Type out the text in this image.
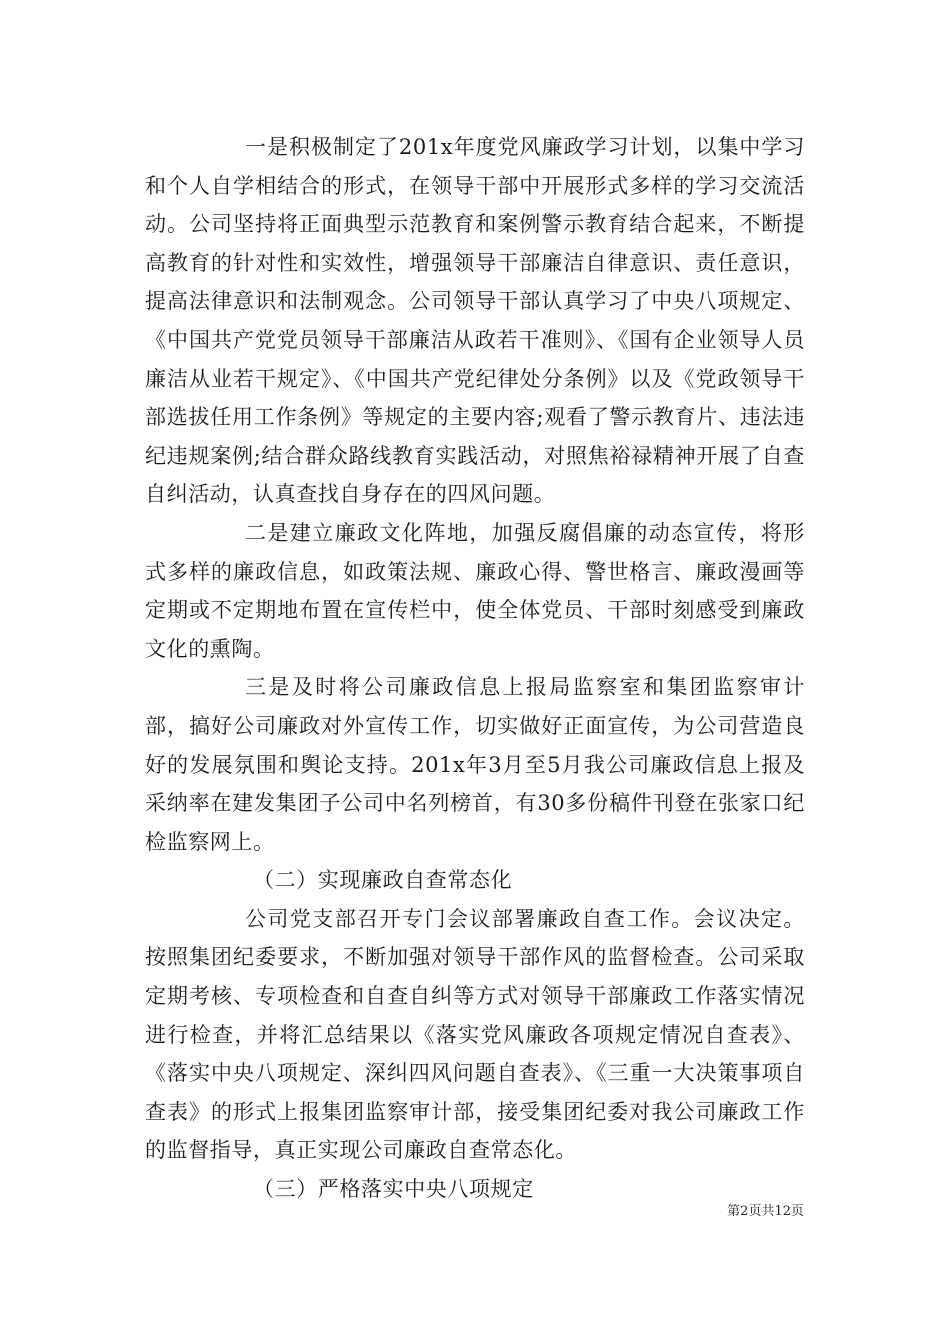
一是积极制定了201x年度党风廉政学习计划，以集中学习和个人自学相结合的形式，在领导干部中开展形式多样的学习交流活动。公司坚持将正面典型示范教育和案例警示教育结合起来，不断提高教育的针对性和实效性，增强领导干部廉洁自律意识、责任意识，提高法律意识和法制观念。公司领导干部认真学习了中央八项规定、《中国共产党党员领导干部廉洁从政若干准则》、《国有企业领导人员廉洁从业若干规定》、《中国共产党纪律处分条例》以及《党政领导干部选拔任用工作条例》等规定的主要内容;观看了警示教育片、违法违纪违规案例;结合群众路线教育实践活动，对照焦裕禄精神开展了自查自纠活动，认真查找自身存在的四风问题。

二是建立廉政文化阵地，加强反腐倡廉的动态宣传，将形式多样的廉政信息，如政策法规、廉政心得、警世格言、廉政漫画等定期或不定期地布置在宣传栏中，使全体党员、干部时刻感受到廉政文化的熏陶。

三是及时将公司廉政信息上报局监察室和集团监察审计部，搞好公司廉政对外宣传工作，切实做好正面宣传，为公司营造良好的发展氛围和舆论支持。201x年3月至5月我公司廉政信息上报及采纳率在建发集团子公司中名列榜首，有30多份稿件刊登在张家口纪检监察网上。

（二）实现廉政自查常态化

公司党支部召开专门会议部署廉政自查工作。会议决定。按照集团纪委要求，不断加强对领导干部作风的监督检查。公司采取定期考核、专项检查和自查自纠等方式对领导干部廉政工作落实情况进行检查，并将汇总结果以《落实党风廉政各项规定情况自查表》、《落实中央八项规定、深纠四风问题自查表》、《三重一大决策事项自查表》的形式上报集团监察审计部，接受集团纪委对我公司廉政工作的监督指导，真正实现公司廉政自查常态化。

（三）严格落实中央八项规定

第2页共12页
